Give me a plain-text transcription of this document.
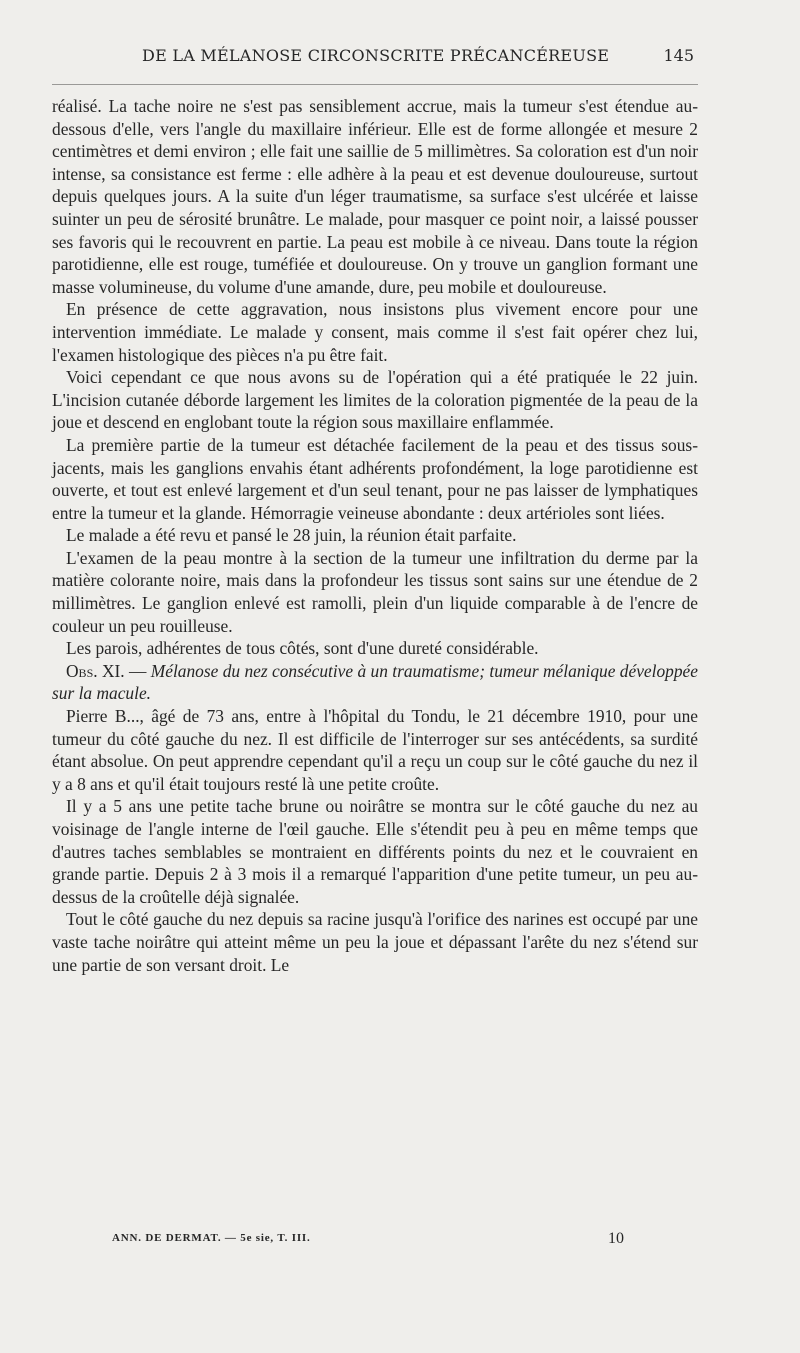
DE LA MÉLANOSE CIRCONSCRITE PRÉCANCÉREUSE	145

réalisé. La tache noire ne s'est pas sensiblement accrue, mais la tumeur s'est étendue au-dessous d'elle, vers l'angle du maxillaire inférieur. Elle est de forme allongée et mesure 2 centimètres et demi environ ; elle fait une saillie de 5 millimètres. Sa coloration est d'un noir intense, sa consistance est ferme : elle adhère à la peau et est devenue douloureuse, surtout depuis quelques jours. A la suite d'un léger traumatisme, sa surface s'est ulcérée et laisse suinter un peu de sérosité brunâtre. Le malade, pour masquer ce point noir, a laissé pousser ses favoris qui le recouvrent en partie. La peau est mobile à ce niveau. Dans toute la région parotidienne, elle est rouge, tuméfiée et douloureuse. On y trouve un ganglion formant une masse volumineuse, du volume d'une amande, dure, peu mobile et douloureuse.

En présence de cette aggravation, nous insistons plus vivement encore pour une intervention immédiate. Le malade y consent, mais comme il s'est fait opérer chez lui, l'examen histologique des pièces n'a pu être fait.

Voici cependant ce que nous avons su de l'opération qui a été pratiquée le 22 juin. L'incision cutanée déborde largement les limites de la coloration pigmentée de la peau de la joue et descend en englobant toute la région sous maxillaire enflammée.

La première partie de la tumeur est détachée facilement de la peau et des tissus sous-jacents, mais les ganglions envahis étant adhérents profondément, la loge parotidienne est ouverte, et tout est enlevé largement et d'un seul tenant, pour ne pas laisser de lymphatiques entre la tumeur et la glande. Hémorragie veineuse abondante : deux artérioles sont liées.

Le malade a été revu et pansé le 28 juin, la réunion était parfaite.

L'examen de la peau montre à la section de la tumeur une infiltration du derme par la matière colorante noire, mais dans la profondeur les tissus sont sains sur une étendue de 2 millimètres. Le ganglion enlevé est ramolli, plein d'un liquide comparable à de l'encre de couleur un peu rouilleuse.

Les parois, adhérentes de tous côtés, sont d'une dureté considérable.

Obs. XI. — Mélanose du nez consécutive à un traumatisme; tumeur mélanique développée sur la macule.

Pierre B..., âgé de 73 ans, entre à l'hôpital du Tondu, le 21 décembre 1910, pour une tumeur du côté gauche du nez. Il est difficile de l'interroger sur ses antécédents, sa surdité étant absolue. On peut apprendre cependant qu'il a reçu un coup sur le côté gauche du nez il y a 8 ans et qu'il était toujours resté là une petite croûte.

Il y a 5 ans une petite tache brune ou noirâtre se montra sur le côté gauche du nez au voisinage de l'angle interne de l'œil gauche. Elle s'étendit peu à peu en même temps que d'autres taches semblables se montraient en différents points du nez et le couvraient en grande partie. Depuis 2 à 3 mois il a remarqué l'apparition d'une petite tumeur, un peu au-dessus de la croûtelle déjà signalée.

Tout le côté gauche du nez depuis sa racine jusqu'à l'orifice des narines est occupé par une vaste tache noirâtre qui atteint même un peu la joue et dépassant l'arête du nez s'étend sur une partie de son versant droit. Le

ANN. DE DERMAT. — 5e sie, T. III.	10
